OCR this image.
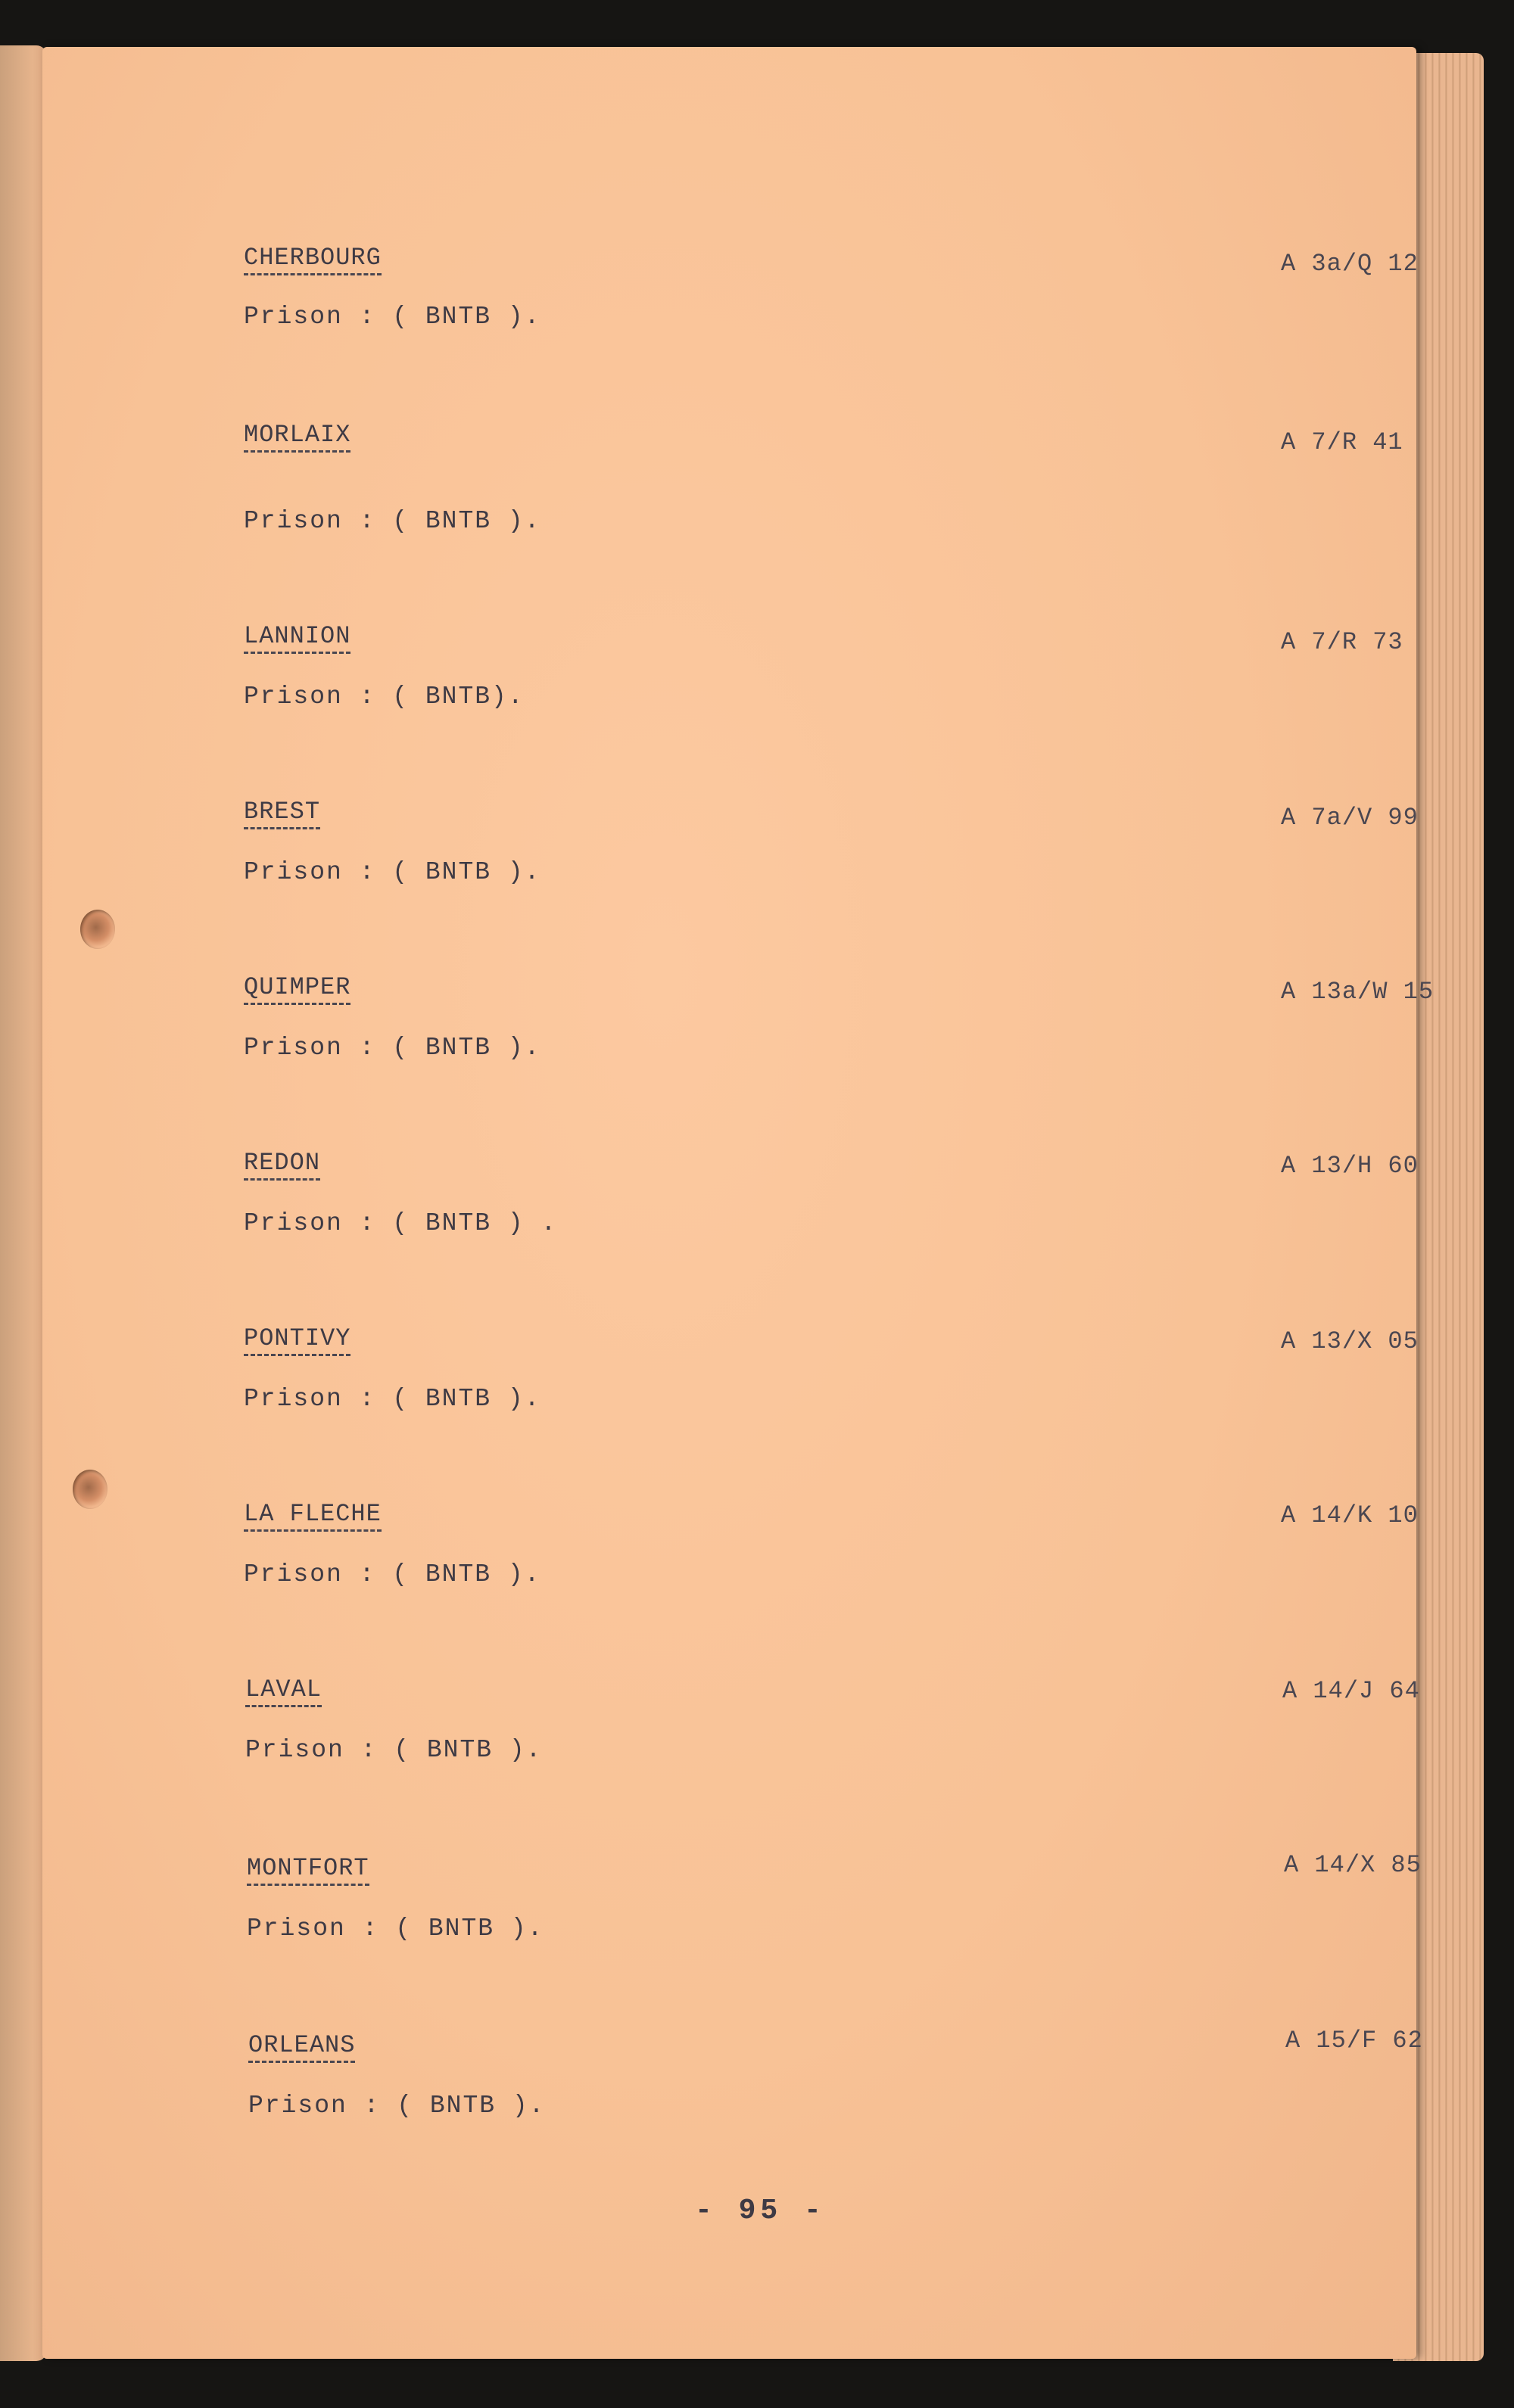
CHERBOURG
Prison : ( BNTB ).
A 3a/Q 12
MORLAIX
Prison : ( BNTB ).
A 7/R 41
LANNION
Prison : ( BNTB).
A 7/R 73
BREST
Prison : ( BNTB ).
A 7a/V 99
QUIMPER
Prison : ( BNTB ).
A 13a/W 15
REDON
Prison : ( BNTB ) .
A 13/H 60
PONTIVY
Prison : ( BNTB ).
A 13/X 05
LA FLECHE
Prison : ( BNTB ).
A 14/K 10
LAVAL
Prison : ( BNTB ).
A 14/J 64
MONTFORT
Prison : ( BNTB ).
A 14/X 85
ORLEANS
Prison : ( BNTB ).
A 15/F 62
- 95 -
